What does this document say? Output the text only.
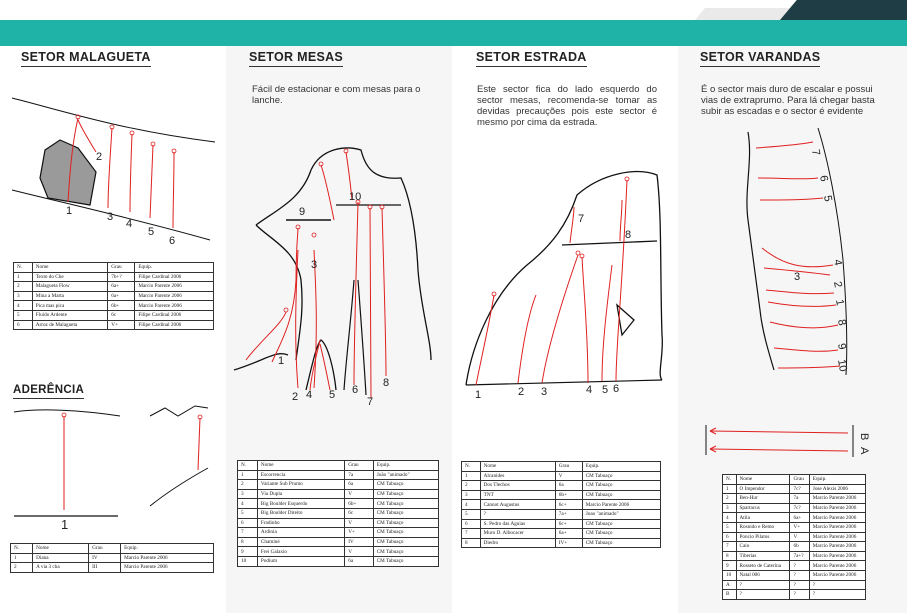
SETOR MALAGUETA
1
2
3
4
5
6
N.	Nome	Grau	Equip.
1	Texto do Che	7b+?	Filipe Cardinal 2006
2	Malagueta Flow	6a+	Marcio Parente 2006
3	Mina a Marta	6a+	Marcio Parente 2006
4	Pica mas pica	6b+	Marcio Parente 2006
5	Fluido Ardente	6c	Filipe Cardinal 2006
6	Arroz de Malagueta	V+	Filipe Cardinal 2006
ADERÊNCIA
1
N.	Nome	Grau	Equip.
1	Diana	IV	Marcio Parente 2006
2	A via 3 cha	III	Marcio Parente 2006
SETOR MESAS
Fácil de estacionar e com mesas para o lanche.
1
2
3
4 5 6
7
8
9
10
N.	Nome	Grau	Equip.
1	Escorrencia	7a	João "animado"
2	Variante Sub Prumo	6a	CM Tabuaço
3	Via Dupla	V	CM Tabuaço
4	Big Boulder Esquerdo	6b+	CM Tabuaço
5	Big Boulder Direito	6c	CM Tabuaço
6	Fradinho	V	CM Tabuaço
7	Ardinia	V+	CM Tabuaço
8	Chaminé	IV	CM Tabuaço
9	Frei Galaxio	V	CM Tabuaço
10	Podium	6a	CM Tabuaço
SETOR ESTRADA
Este sector fica do lado esquerdo do sector mesas, recomenda-se tomar as devidas precauções pois este sector é mesmo por cima da estrada.
1	2 3	4 5 6
7
8
N.	Nome	Grau	Equip.
1	Alcanides	V	CM Tabuaço
2	Dos Tlechos	6a	CM Tabuaço
3	TNT	6b+	CM Tabuaço
4	Cannot Augustus	6c+	Marcio Parente 2006
5	?	7a+	Joao "animado"
6	S. Pedro das Aguias	6c+	CM Tabuaço
7	Muro D. Albocacer	6a+	CM Tabuaço
8	Diedro	IV+	CM Tabuaço
SETOR VARANDAS
É o sector mais duro de escalar e possui vias de extraprumo. Para lá chegar basta subir as escadas e o sector é evidente
7
6
5
4
3
2
1
8
9
10
B
A
N.	Nome	Grau	Equip.
1	O Impendor	7c?	Jose Alexis 2006
2	Ben-Hur	7a	Marcio Parente 2006
3	Spartacus	7c?	Marcio Parente 2006
4	Atila	6a+	Marcio Parente 2006
5	Rosnido e Remo	V+	Marcio Parente 2006
6	Poncio Pilatos	V	Marcio Parente 2006
7	Caio	6b	Marcio Parente 2006
8	Tiberias	7a+?	Marcio Parente 2006
9	Rosseto de Caterina	?	Marcio Parente 2006
10	Natal 006	?	Marcio Parente 2006
A	?	?	?
B	?	?	?
